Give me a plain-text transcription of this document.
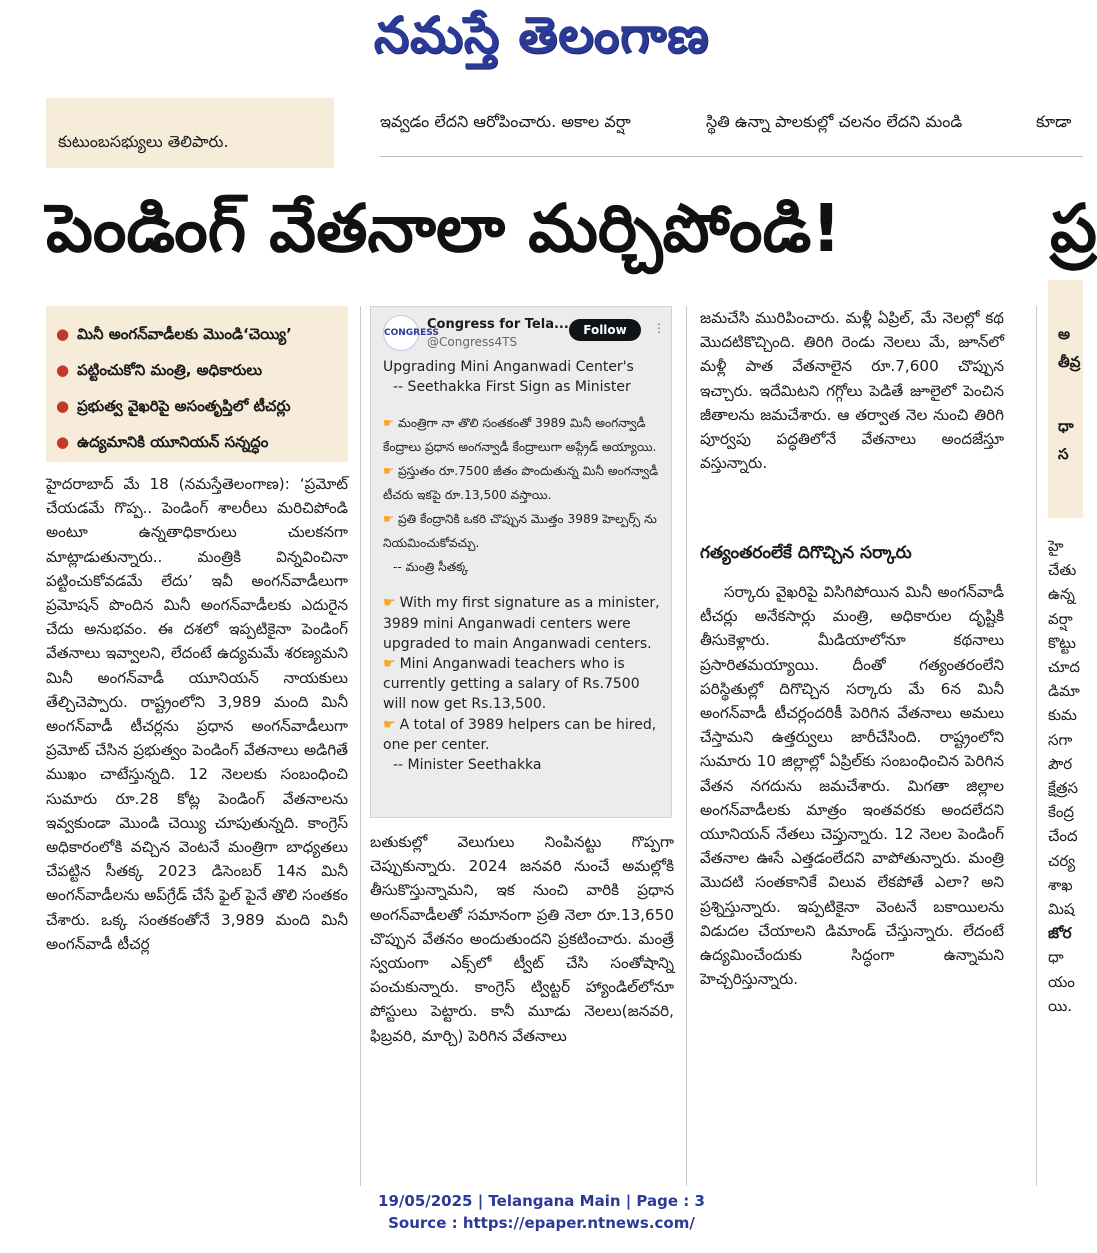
నమస్తే తెలంగాణ
కుటుంబసభ్యులు తెలిపారు.
ఇవ్వడం లేదని ఆరోపించారు. అకాల వర్షా	స్థితి ఉన్నా పాలకుల్లో చలనం లేదని మండి	కూడా
పెండింగ్ వేతనాలా మర్చిపోండి!	ప్ర
● మినీ అంగన్‌వాడీలకు మొండి‘చెయ్యి’
● పట్టించుకోని మంత్రి, అధికారులు
● ప్రభుత్వ వైఖరిపై అసంతృప్తిలో టీచర్లు
● ఉద్యమానికి యూనియన్ సన్నద్ధం

హైదరాబాద్ మే 18 (నమస్తేతెలంగాణ): ‘ప్రమోట్ చేయడమే గొప్ప.. పెండింగ్ శాలరీలు మరిచిపోండి అంటూ ఉన్నతాధికారులు చులకనగా మాట్లాడుతున్నారు.. మంత్రికి విన్నవించినా పట్టించుకోవడమే లేదు’ ఇవీ అంగన్‌వాడీలుగా ప్రమోషన్ పొందిన మినీ అంగన్‌వాడీలకు ఎదురైన చేదు అనుభవం. ఈ దశలో ఇప్పటికైనా పెండింగ్ వేతనాలు ఇవ్వాలని, లేదంటే ఉద్యమమే శరణ్యమని మినీ అంగన్‌వాడీ యూనియన్ నాయకులు తేల్చిచెప్పారు. రాష్ట్రంలోని 3,989 మంది మినీ అంగన్‌వాడీ టీచర్లను ప్రధాన అంగన్‌వాడీలుగా ప్రమోట్ చేసిన ప్రభుత్వం పెండింగ్ వేతనాలు అడిగితే ముఖం చాటేస్తున్నది. 12 నెలలకు సంబంధించి సుమారు రూ.28 కోట్ల పెండింగ్ వేతనాలను ఇవ్వకుండా మొండి చెయ్యి చూపుతున్నది. కాంగ్రెస్ అధికారంలోకి వచ్చిన వెంటనే మంత్రిగా బాధ్యతలు చేపట్టిన సీతక్క 2023 డిసెంబర్ 14న మినీ అంగన్‌వాడీలను అప్‌గ్రేడ్ చేసే ఫైల్ పైనే తొలి సంతకం చేశారు. ఒక్క సంతకంతోనే 3,989 మంది మినీ అంగన్‌వాడీ టీచర్ల

CONGRESS
Congress for Tela...
@Congress4TS
Follow	⋮

Upgrading Mini Anganwadi Center's

-- Seethakka First Sign as Minister

☛ మంత్రిగా నా తొలి సంతకంతో 3989 మినీ అంగన్వాడీ కేంద్రాలు ప్రధాన అంగన్వాడీ కేంద్రాలుగా అప్గ్రేడ్ అయ్యాయి.

☛ ప్రస్తుతం రూ.7500 జీతం పొందుతున్న మినీ అంగన్వాడీ టీచరు ఇకపై రూ.13,500 వస్తాయి.

☛ ప్రతి కేంద్రానికి ఒకరి చొప్పున మొత్తం 3989 హెల్పర్స్ ను నియమించుకోవచ్చు.

-- మంత్రి సీతక్క

☛ With my first signature as a minister, 3989 mini Anganwadi centers were upgraded to main Anganwadi centers.

☛ Mini Anganwadi teachers who is currently getting a salary of Rs.7500 will now get Rs.13,500.

☛ A total of 3989 helpers can be hired, one per center.

-- Minister Seethakka

బతుకుల్లో వెలుగులు నింపినట్టు గొప్పగా చెప్పుకున్నారు. 2024 జనవరి నుంచే అమల్లోకి తీసుకొస్తున్నామని, ఇక నుంచి వారికి ప్రధాన అంగన్‌వాడీలతో సమానంగా ప్రతి నెలా రూ.13,650 చొప్పున వేతనం అందుతుందని ప్రకటించారు. మంత్రే స్వయంగా ఎక్స్‌లో ట్వీట్ చేసి సంతోషాన్ని పంచుకున్నారు. కాంగ్రెస్ ట్విట్టర్ హ్యాండిల్‌లోనూ పోస్టులు పెట్టారు. కానీ మూడు నెలలు(జనవరి, ఫిబ్రవరి, మార్చి) పెరిగిన వేతనాలు

జమచేసి మురిపించారు. మళ్లీ ఏప్రిల్, మే నెలల్లో కథ మొదటికొచ్చింది. తిరిగి రెండు నెలలు మే, జూన్‌లో మళ్లీ పాత వేతనాలైన రూ.7,600 చొప్పున ఇచ్చారు. ఇదేమిటని గగ్గోలు పెడితే జూలైలో పెంచిన జీతాలను జమచేశారు. ఆ తర్వాత నెల నుంచి తిరిగి పూర్వపు పద్ధతిలోనే వేతనాలు అందజేస్తూ వస్తున్నారు.

గత్యంతరంలేకే దిగొచ్చిన సర్కారు

సర్కారు వైఖరిపై విసిగిపోయిన మినీ అంగన్‌వాడీ టీచర్లు అనేకసార్లు మంత్రి, అధికారుల దృష్టికి తీసుకెళ్లారు. మీడియాలోనూ కథనాలు ప్రసారితమయ్యాయి. దీంతో గత్యంతరంలేని పరిస్థితుల్లో దిగొచ్చిన సర్కారు మే 6న మినీ అంగన్‌వాడీ టీచర్లందరికీ పెరిగిన వేతనాలు అమలు చేస్తామని ఉత్తర్వులు జారీచేసింది. రాష్ట్రంలోని సుమారు 10 జిల్లాల్లో ఏప్రిల్‌కు సంబంధించిన పెరిగిన వేతన నగదును జమచేశారు. మిగతా జిల్లాల అంగన్‌వాడీలకు మాత్రం ఇంతవరకు అందలేదని యూనియన్ నేతలు చెప్తున్నారు. 12 నెలల పెండింగ్ వేతనాల ఊసే ఎత్తడంలేదని వాపోతున్నారు. మంత్రి మొదటి సంతకానికే విలువ లేకపోతే ఎలా? అని ప్రశ్నిస్తున్నారు. ఇప్పటికైనా వెంటనే బకాయిలను విడుదల చేయాలని డిమాండ్ చేస్తున్నారు. లేదంటే ఉద్యమించేందుకు సిద్ధంగా ఉన్నామని హెచ్చరిస్తున్నారు.

అ
తీవ్ర
ధా
స
హై
చేతు
ఉన్న
వర్షా
కొట్టు
చూద
డిమా
కుమ
సగా
పౌర
క్షేత్రస
కేంద్ర
చేంద
చర్య
శాఖ
మిష
జోర
ధా
యం
యి.
19/05/2025 | Telangana Main | Page : 3
Source : https://epaper.ntnews.com/
